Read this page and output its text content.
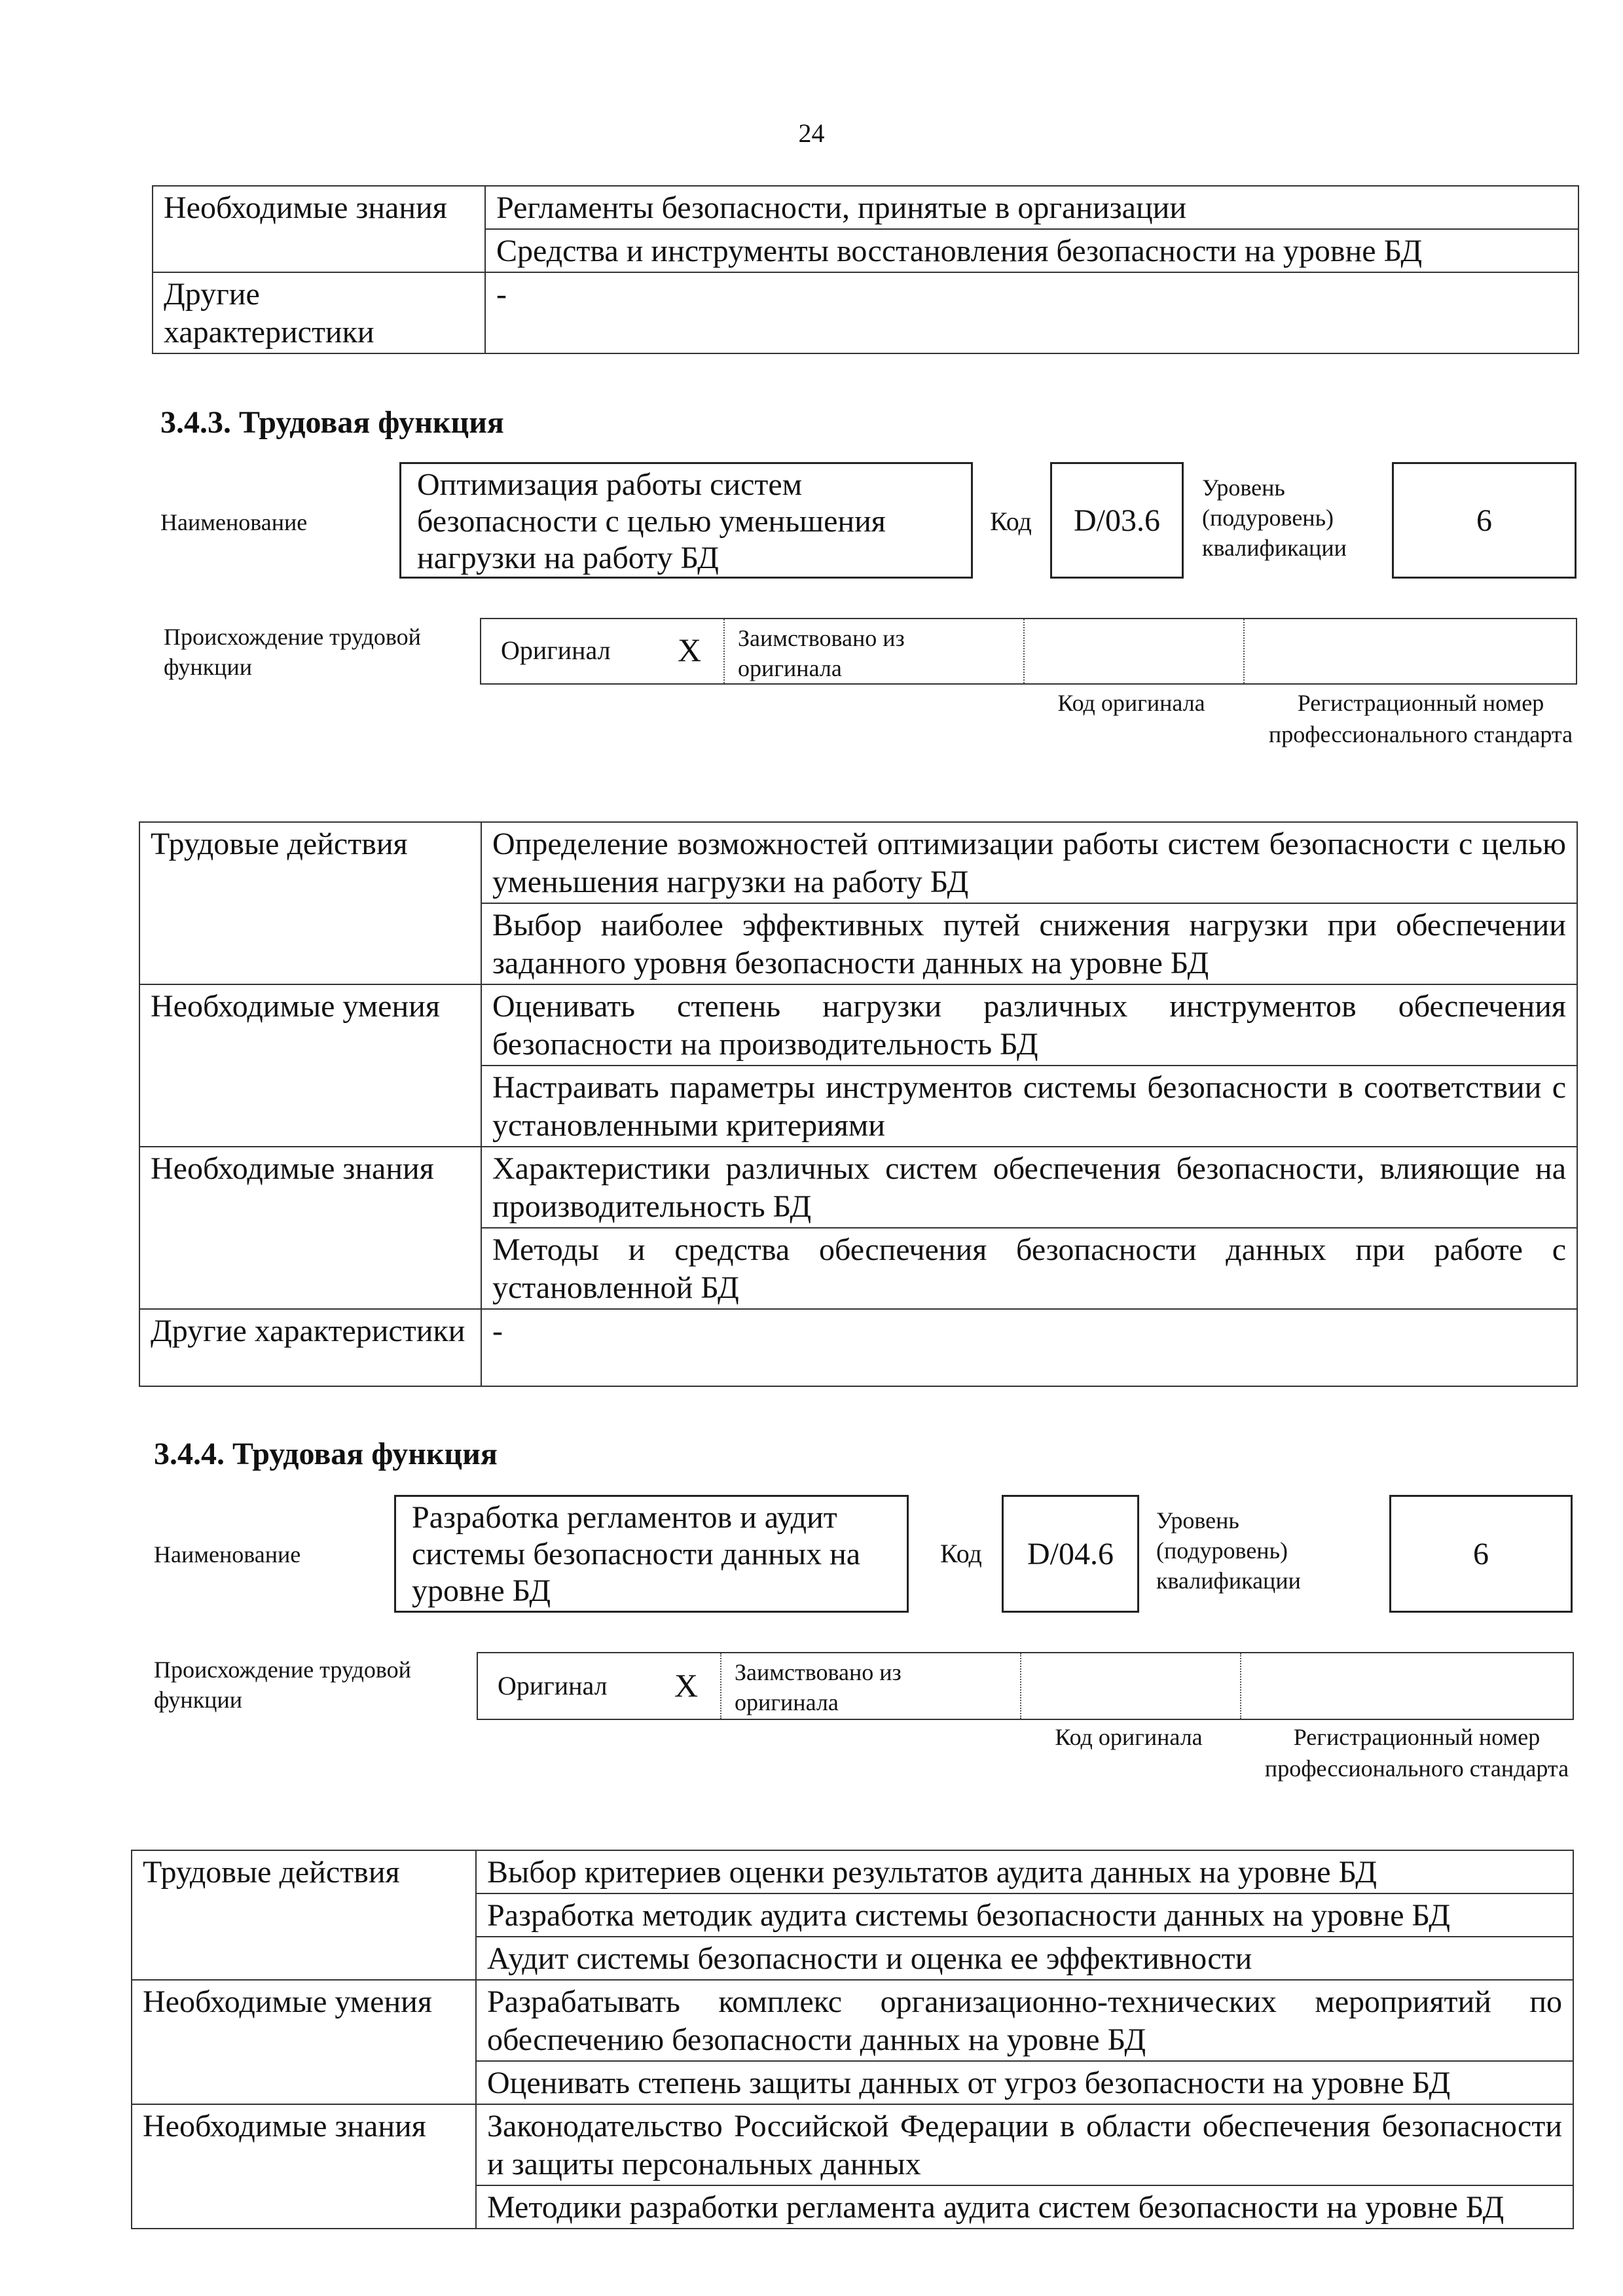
24
Необходимые знания	Регламенты безопасности, принятые в организации
	Средства и инструменты восстановления безопасности на уровне БД
Другие характеристики	-
3.4.3. Трудовая функция
Наименование
Оптимизация работы систем безопасности с целью уменьшения нагрузки на работу БД
Код D/03.6
Уровень (подуровень) квалификации
6
Происхождение трудовой функции
Оригинал X Заимствовано из оригинала
Код оригинала	Регистрационный номер профессионального стандарта
Трудовые действия	Определение возможностей оптимизации работы систем безопасности с целью уменьшения нагрузки на работу БД
	Выбор наиболее эффективных путей снижения нагрузки при обеспечении заданного уровня безопасности данных на уровне БД
Необходимые умения	Оценивать степень нагрузки различных инструментов обеспечения безопасности на производительность БД
	Настраивать параметры инструментов системы безопасности в соответствии с установленными критериями
Необходимые знания	Характеристики различных систем обеспечения безопасности, влияющие на производительность БД
	Методы и средства обеспечения безопасности данных при работе с установленной БД
Другие характеристики	-
3.4.4. Трудовая функция
Наименование
Разработка регламентов и аудит системы безопасности данных на уровне БД
Код D/04.6
Уровень (подуровень) квалификации
6
Происхождение трудовой функции	Оригинал X Заимствовано из оригинала
Код оригинала	Регистрационный номер профессионального стандарта
Трудовые действия	Выбор критериев оценки результатов аудита данных на уровне БД
	Разработка методик аудита системы безопасности данных на уровне БД
	Аудит системы безопасности и оценка ее эффективности
Необходимые умения	Разрабатывать комплекс организационно-технических мероприятий по обеспечению безопасности данных на уровне БД
	Оценивать степень защиты данных от угроз безопасности на уровне БД
Необходимые знания	Законодательство Российской Федерации в области обеспечения безопасности и защиты персональных данных
	Методики разработки регламента аудита систем безопасности на уровне БД
